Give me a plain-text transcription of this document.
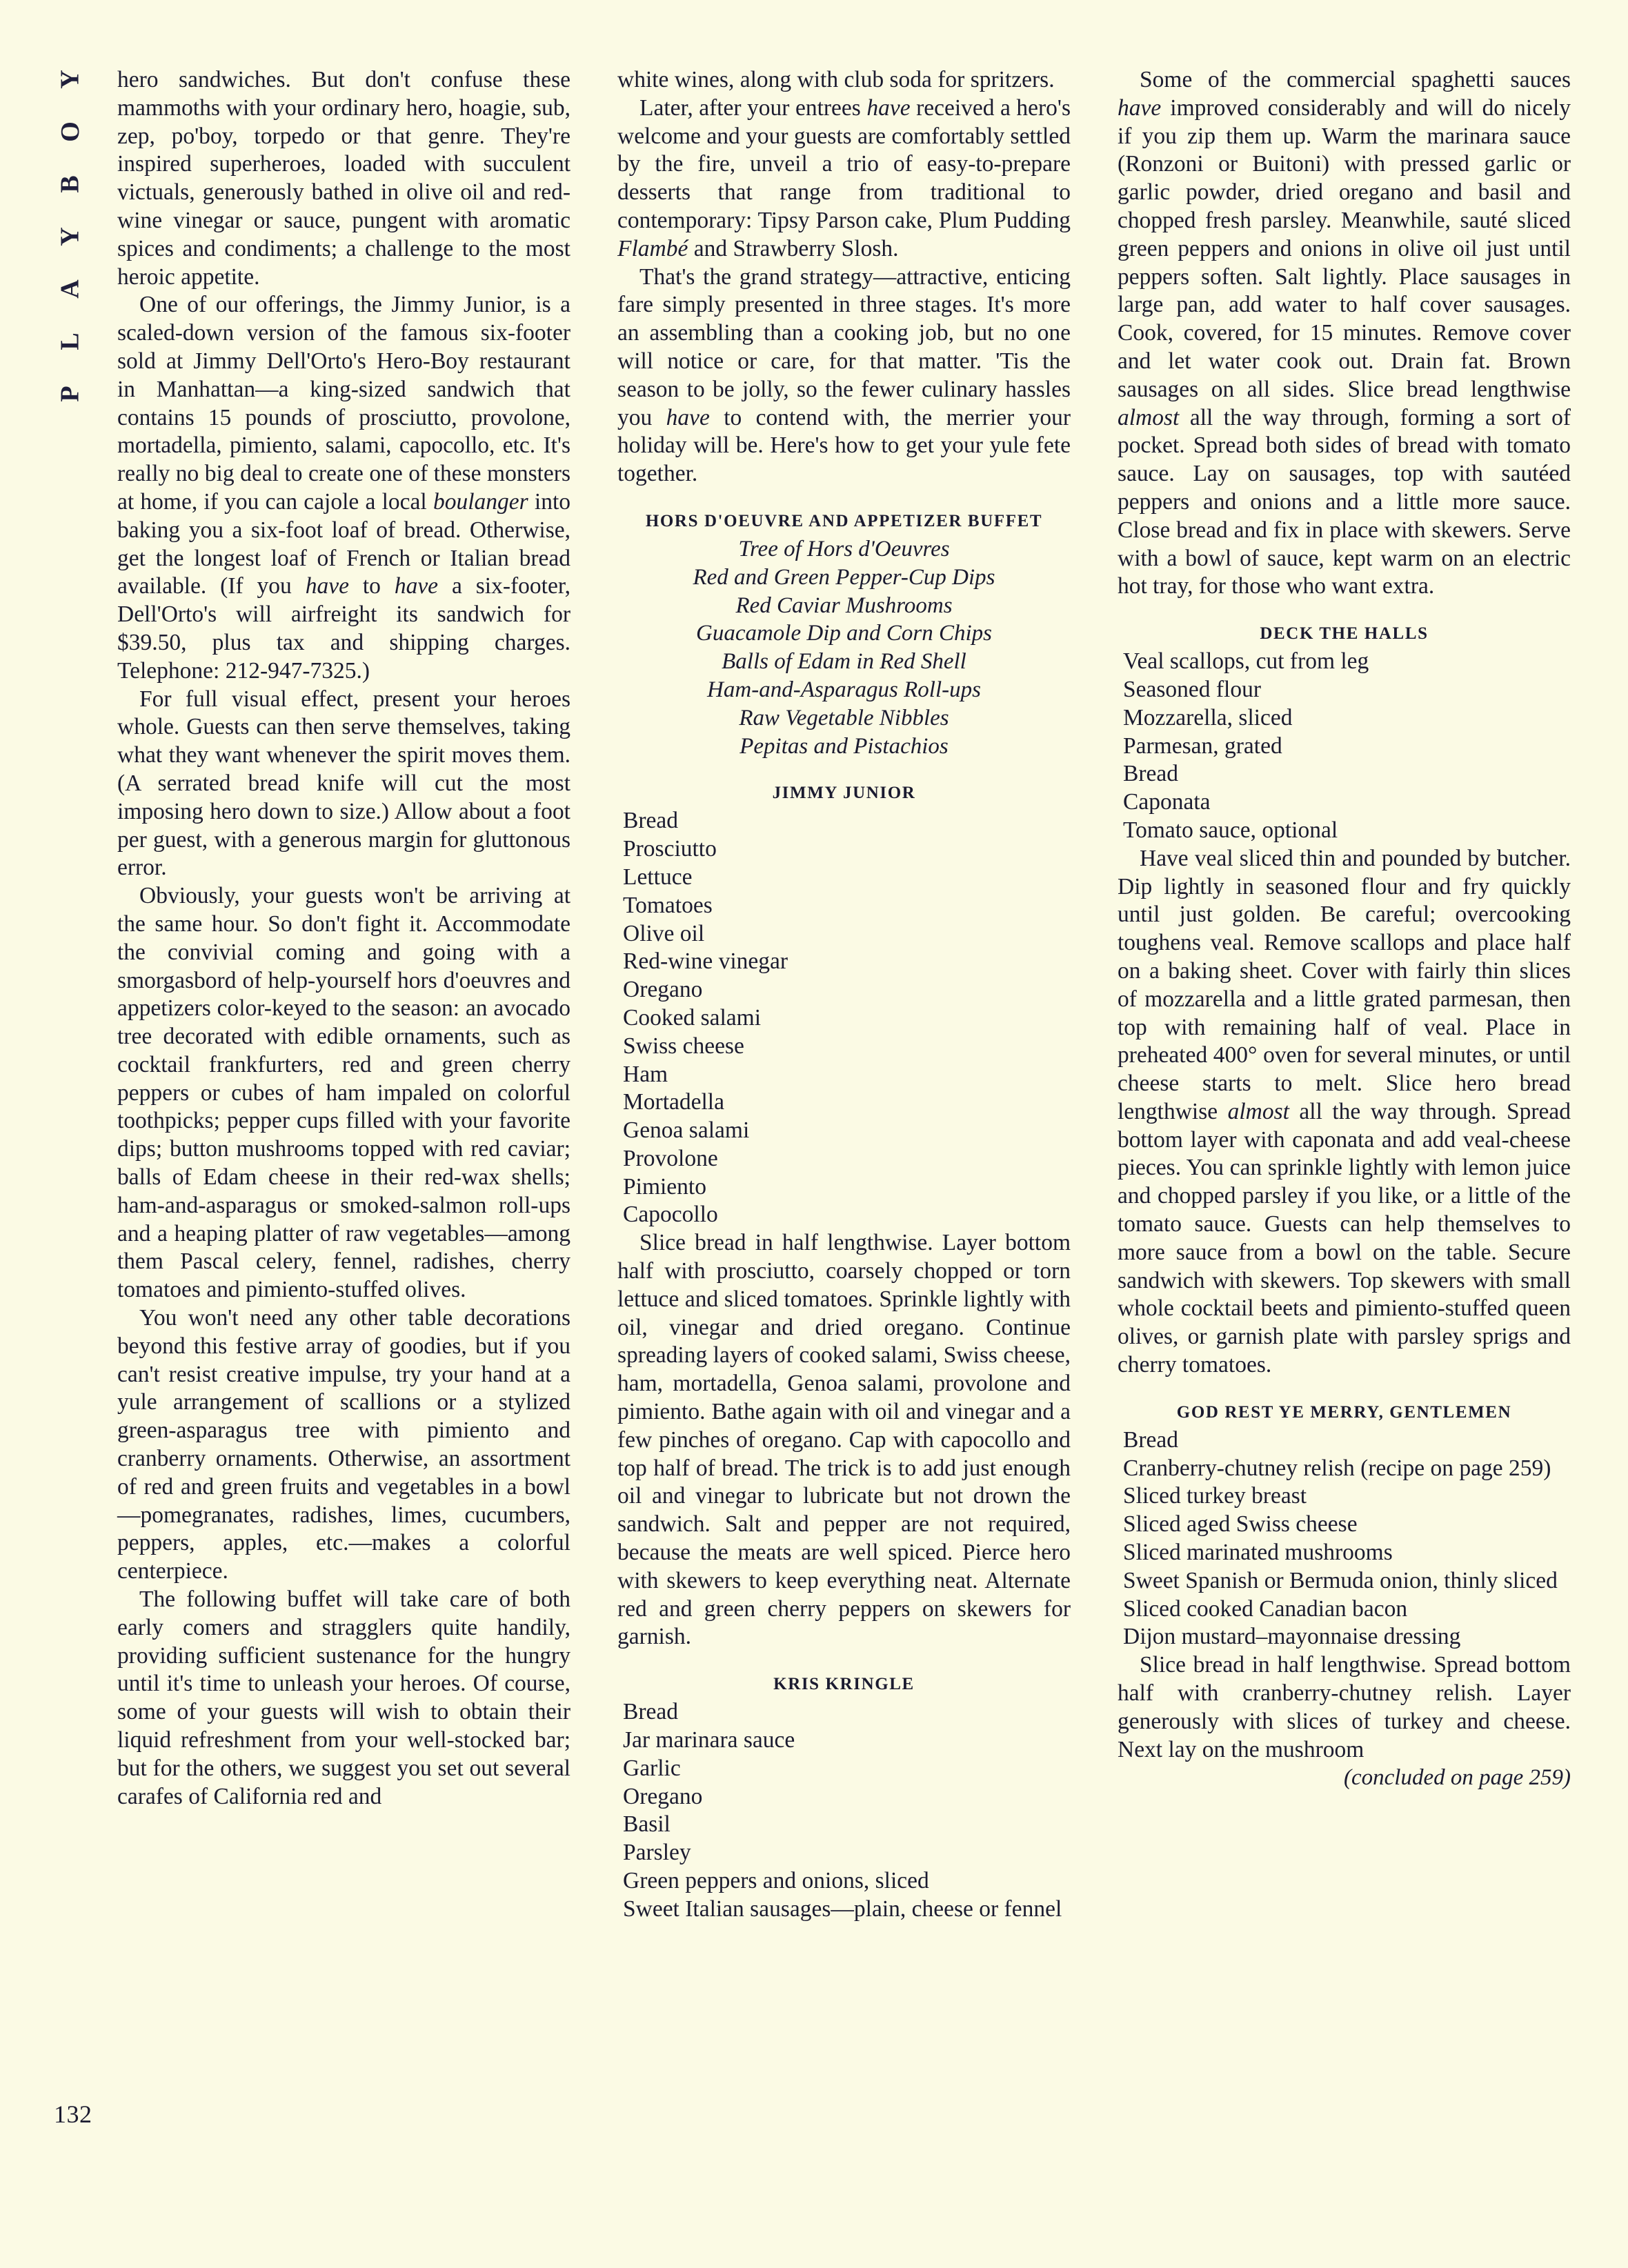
Y
O
B
Y
A
L
P
132

hero sandwiches. But don't confuse these mammoths with your ordinary hero, hoagie, sub, zep, po'boy, torpedo or that genre. They're inspired superheroes, loaded with succulent victuals, generously bathed in olive oil and red-wine vinegar or sauce, pungent with aromatic spices and condiments; a challenge to the most heroic appetite.

One of our offerings, the Jimmy Junior, is a scaled-down version of the famous six-footer sold at Jimmy Dell'Orto's Hero-Boy restaurant in Manhattan—a king-sized sandwich that contains 15 pounds of prosciutto, provolone, mortadella, pimiento, salami, capocollo, etc. It's really no big deal to create one of these monsters at home, if you can cajole a local boulanger into baking you a six-foot loaf of bread. Otherwise, get the longest loaf of French or Italian bread available. (If you have to have a six-footer, Dell'Orto's will airfreight its sandwich for $39.50, plus tax and shipping charges. Telephone: 212-947-7325.)

For full visual effect, present your heroes whole. Guests can then serve themselves, taking what they want whenever the spirit moves them. (A serrated bread knife will cut the most imposing hero down to size.) Allow about a foot per guest, with a generous margin for gluttonous error.

Obviously, your guests won't be arriving at the same hour. So don't fight it. Accommodate the convivial coming and going with a smorgasbord of help-yourself hors d'oeuvres and appetizers color-keyed to the season: an avocado tree decorated with edible ornaments, such as cocktail frankfurters, red and green cherry peppers or cubes of ham impaled on colorful toothpicks; pepper cups filled with your favorite dips; button mushrooms topped with red caviar; balls of Edam cheese in their red-wax shells; ham-and-asparagus or smoked-salmon roll-ups and a heaping platter of raw vegetables—among them Pascal celery, fennel, radishes, cherry tomatoes and pimiento-stuffed olives.

You won't need any other table decorations beyond this festive array of goodies, but if you can't resist creative impulse, try your hand at a yule arrangement of scallions or a stylized green-asparagus tree with pimiento and cranberry ornaments. Otherwise, an assortment of red and green fruits and vegetables in a bowl—pomegranates, radishes, limes, cucumbers, peppers, apples, etc.—makes a colorful centerpiece.

The following buffet will take care of both early comers and stragglers quite handily, providing sufficient sustenance for the hungry until it's time to unleash your heroes. Of course, some of your guests will wish to obtain their liquid refreshment from your well-stocked bar; but for the others, we suggest you set out several carafes of California red and

white wines, along with club soda for spritzers.

Later, after your entrees have received a hero's welcome and your guests are comfortably settled by the fire, unveil a trio of easy-to-prepare desserts that range from traditional to contemporary: Tipsy Parson cake, Plum Pudding Flambé and Strawberry Slosh.

That's the grand strategy—attractive, enticing fare simply presented in three stages. It's more an assembling than a cooking job, but no one will notice or care, for that matter. 'Tis the season to be jolly, so the fewer culinary hassles you have to contend with, the merrier your holiday will be. Here's how to get your yule fete together.

HORS D'OEUVRE AND APPETIZER BUFFET
Tree of Hors d'Oeuvres
Red and Green Pepper-Cup Dips
Red Caviar Mushrooms
Guacamole Dip and Corn Chips
Balls of Edam in Red Shell
Ham-and-Asparagus Roll-ups
Raw Vegetable Nibbles
Pepitas and Pistachios
JIMMY JUNIOR
Bread
Prosciutto
Lettuce
Tomatoes
Olive oil
Red-wine vinegar
Oregano
Cooked salami
Swiss cheese
Ham
Mortadella
Genoa salami
Provolone
Pimiento
Capocollo

Slice bread in half lengthwise. Layer bottom half with prosciutto, coarsely chopped or torn lettuce and sliced tomatoes. Sprinkle lightly with oil, vinegar and dried oregano. Continue spreading layers of cooked salami, Swiss cheese, ham, mortadella, Genoa salami, provolone and pimiento. Bathe again with oil and vinegar and a few pinches of oregano. Cap with capocollo and top half of bread. The trick is to add just enough oil and vinegar to lubricate but not drown the sandwich. Salt and pepper are not required, because the meats are well spiced. Pierce hero with skewers to keep everything neat. Alternate red and green cherry peppers on skewers for garnish.

KRIS KRINGLE
Bread
Jar marinara sauce
Garlic
Oregano
Basil
Parsley
Green peppers and onions, sliced
Sweet Italian sausages—plain, cheese or fennel

Some of the commercial spaghetti sauces have improved considerably and will do nicely if you zip them up. Warm the marinara sauce (Ronzoni or Buitoni) with pressed garlic or garlic powder, dried oregano and basil and chopped fresh parsley. Meanwhile, sauté sliced green peppers and onions in olive oil just until peppers soften. Salt lightly. Place sausages in large pan, add water to half cover sausages. Cook, covered, for 15 minutes. Remove cover and let water cook out. Drain fat. Brown sausages on all sides. Slice bread lengthwise almost all the way through, forming a sort of pocket. Spread both sides of bread with tomato sauce. Lay on sausages, top with sautéed peppers and onions and a little more sauce. Close bread and fix in place with skewers. Serve with a bowl of sauce, kept warm on an electric hot tray, for those who want extra.

DECK THE HALLS
Veal scallops, cut from leg
Seasoned flour
Mozzarella, sliced
Parmesan, grated
Bread
Caponata
Tomato sauce, optional

Have veal sliced thin and pounded by butcher. Dip lightly in seasoned flour and fry quickly until just golden. Be careful; overcooking toughens veal. Remove scallops and place half on a baking sheet. Cover with fairly thin slices of mozzarella and a little grated parmesan, then top with remaining half of veal. Place in preheated 400° oven for several minutes, or until cheese starts to melt. Slice hero bread lengthwise almost all the way through. Spread bottom layer with caponata and add veal-cheese pieces. You can sprinkle lightly with lemon juice and chopped parsley if you like, or a little of the tomato sauce. Guests can help themselves to more sauce from a bowl on the table. Secure sandwich with skewers. Top skewers with small whole cocktail beets and pimiento-stuffed queen olives, or garnish plate with parsley sprigs and cherry tomatoes.

GOD REST YE MERRY, GENTLEMEN
Bread
Cranberry-chutney relish (recipe on page 259)
Sliced turkey breast
Sliced aged Swiss cheese
Sliced marinated mushrooms
Sweet Spanish or Bermuda onion, thinly sliced
Sliced cooked Canadian bacon
Dijon mustard–mayonnaise dressing

Slice bread in half lengthwise. Spread bottom half with cranberry-chutney relish. Layer generously with slices of turkey and cheese. Next lay on the mushroom

(concluded on page 259)
